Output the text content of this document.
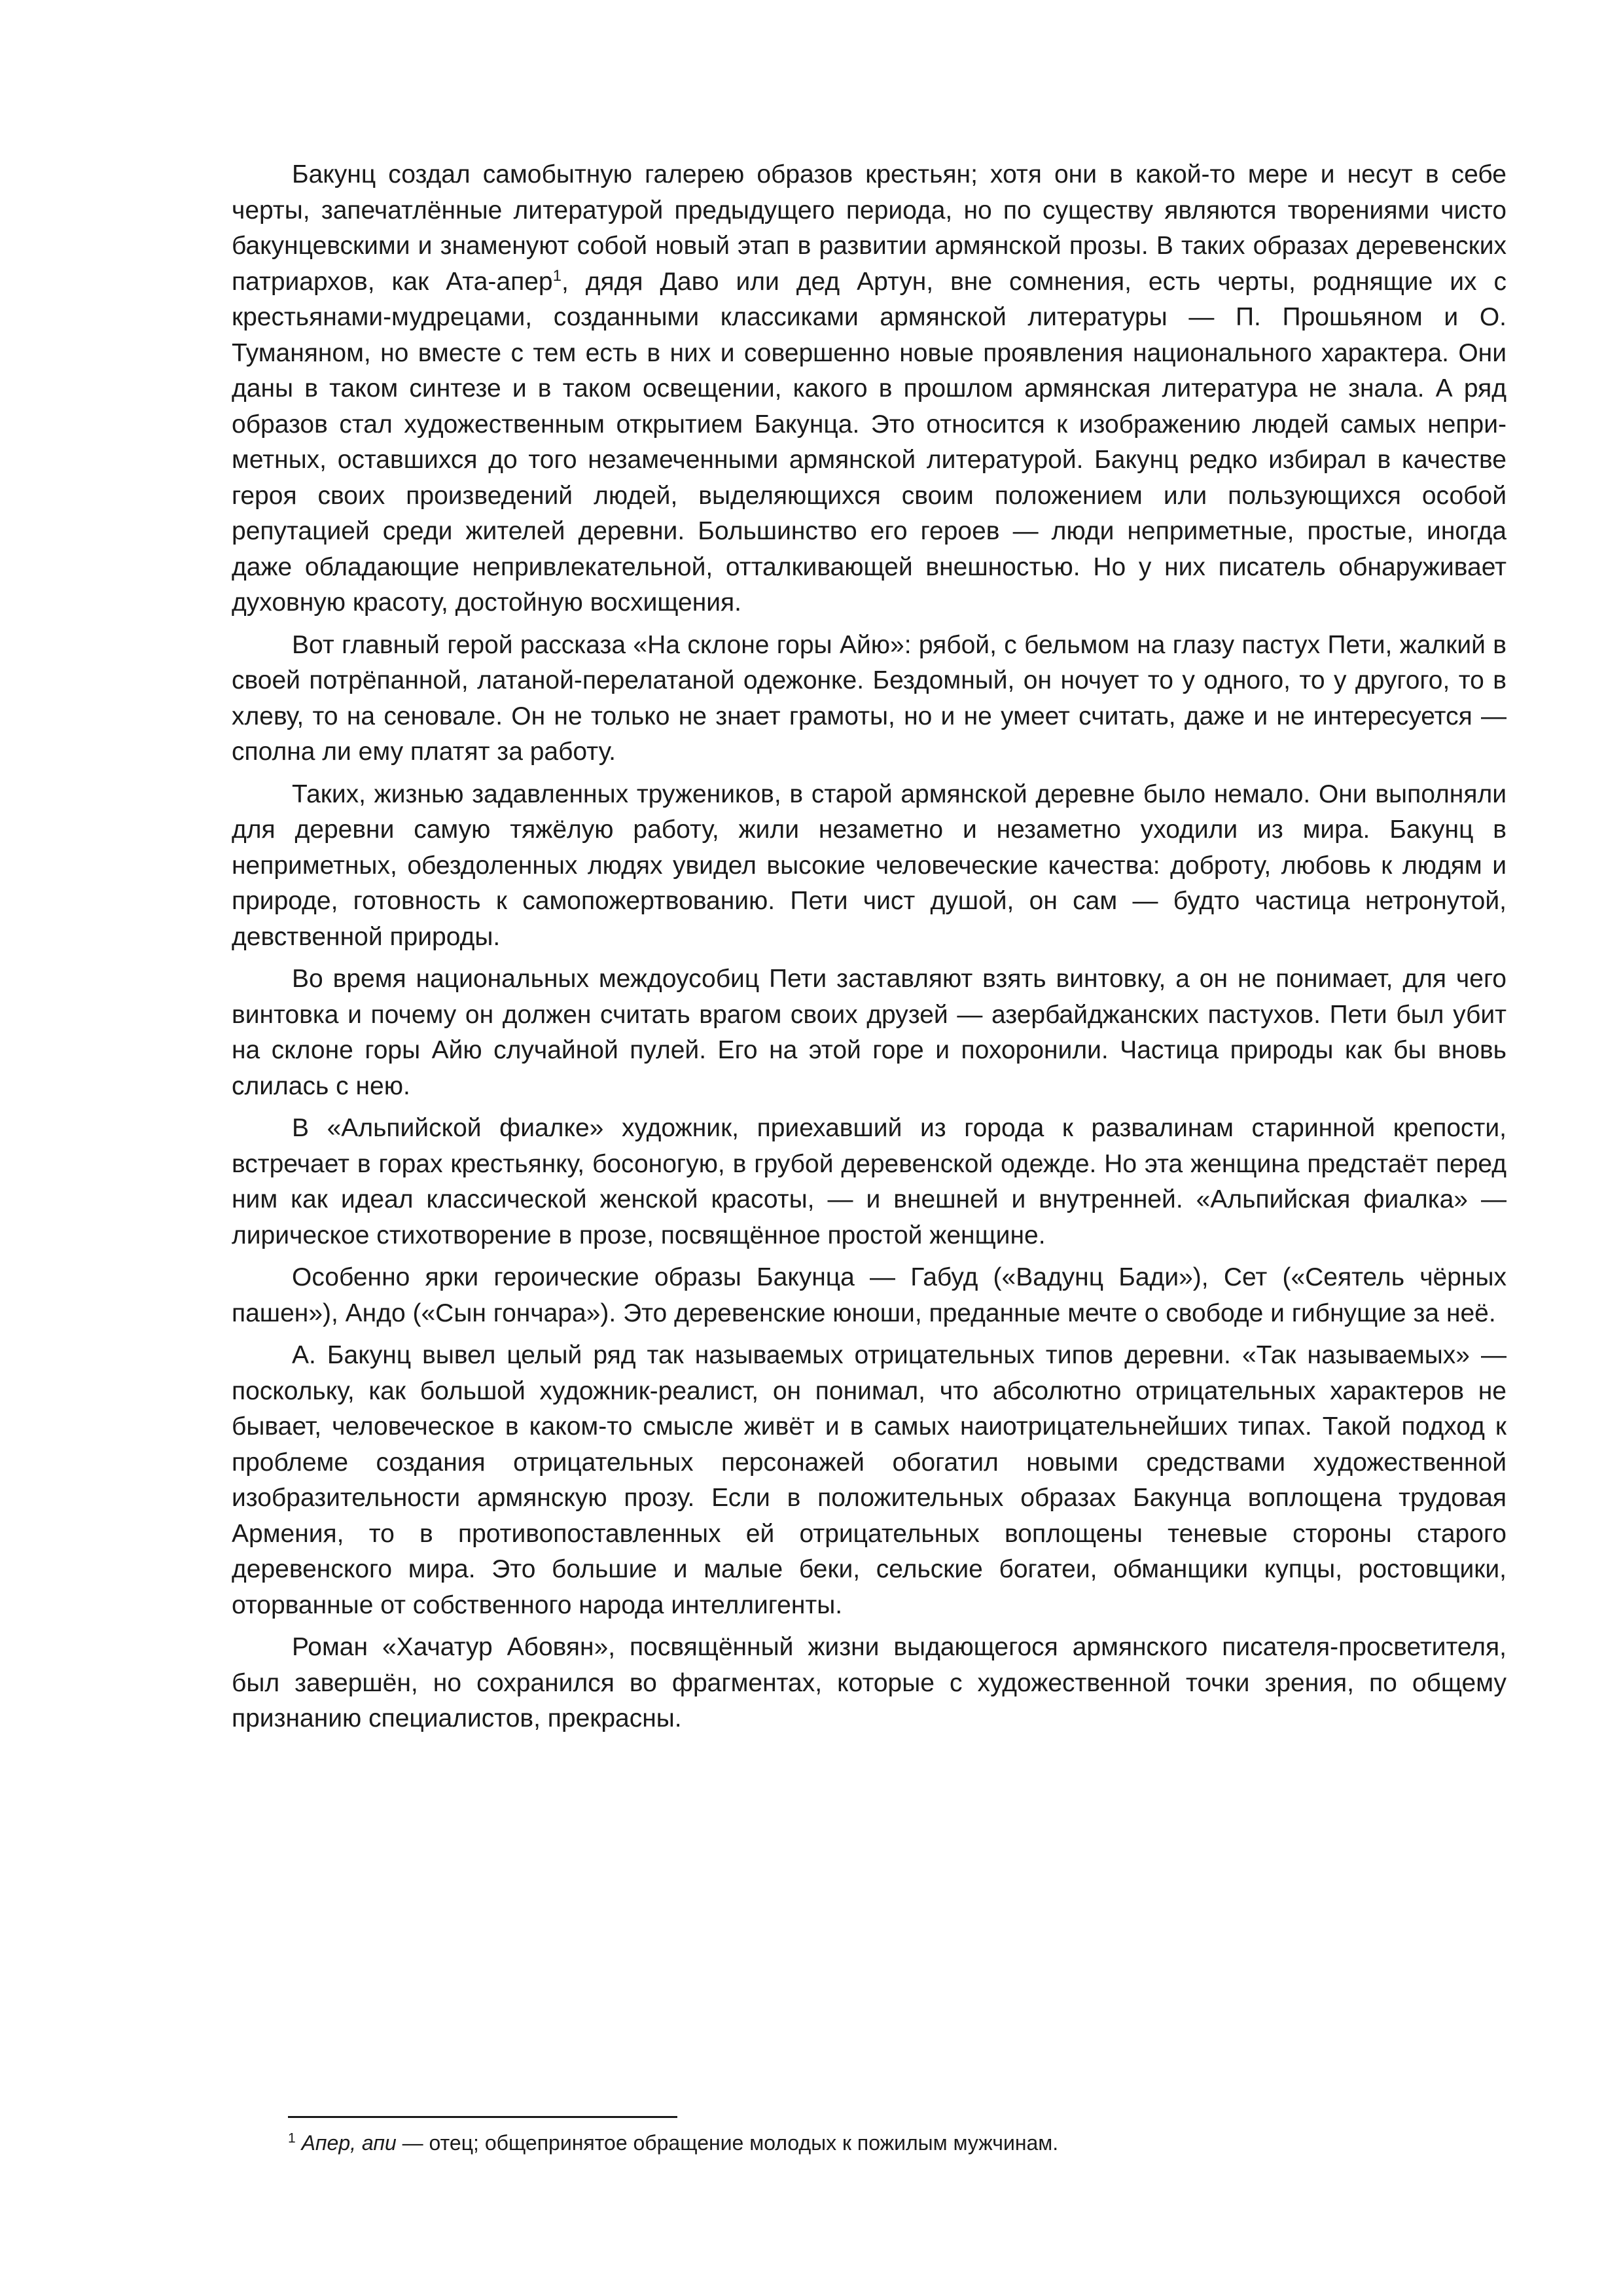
Бакунц создал самобытную галерею образов крестьян; хотя они в какой-то мере и несут в себе черты, запечатлённые литературой предыдущего периода, но по существу являются творениями чисто бакунцевскими и знаменуют собой новый этап в развитии армянской прозы. В таких образах деревенских патриархов, как Ата-апер$^1$, дядя Даво или дед Артун, вне сомнения, есть черты, роднящие их с крестьянами-мудрецами, созданными классиками армянской литературы — П. Прошьяном и О. Туманяном, но вместе с тем есть в них и совершенно новые проявления национального характера. Они даны в таком синтезе и в таком освещении, какого в прошлом армянская литература не знала. А ряд образов стал художественным открытием Бакунца. Это относится к изображению людей самых неприметных, оставшихся до того незамеченными армянской литературой. Бакунц редко избирал в качестве героя своих произведений людей, выделяющихся своим положением или пользующихся особой репутацией среди жителей деревни. Большинство его героев — люди неприметные, простые, иногда даже обладающие непривлекательной, отталкивающей внешностью. Но у них писатель обнаруживает духовную красоту, достойную восхищения.

Вот главный герой рассказа «На склоне горы Айю»: рябой, с бельмом на глазу пастух Пети, жалкий в своей потрёпанной, латаной-перелатаной одежонке. Бездомный, он ночует то у одного, то у другого, то в хлеву, то на сеновале. Он не только не знает грамоты, но и не умеет считать, даже и не интересуется — сполна ли ему платят за работу.

Таких, жизнью задавленных тружеников, в старой армянской деревне было немало. Они выполняли для деревни самую тяжёлую работу, жили незаметно и незаметно уходили из мира. Бакунц в неприметных, обездоленных людях увидел высокие человеческие качества: доброту, любовь к людям и природе, готовность к самопожертвованию. Пети чист душой, он сам — будто частица нетронутой, девственной природы.

Во время национальных междоусобиц Пети заставляют взять винтовку, а он не понимает, для чего винтовка и почему он должен считать врагом своих друзей — азербайджанских пастухов. Пети был убит на склоне горы Айю случайной пулей. Его на этой горе и похоронили. Частица природы как бы вновь слилась с нею.

В «Альпийской фиалке» художник, приехавший из города к развалинам старинной крепости, встречает в горах крестьянку, босоногую, в грубой деревенской одежде. Но эта женщина предстаёт перед ним как идеал классической женской красоты, — и внешней и внутренней. «Альпийская фиалка» — лирическое стихотворение в прозе, посвящённое простой женщине.

Особенно ярки героические образы Бакунца — Габуд («Вадунц Бади»), Сет («Сеятель чёрных пашен»), Андо («Сын гончара»). Это деревенские юноши, преданные мечте о свободе и гибнущие за неё.

А. Бакунц вывел целый ряд так называемых отрицательных типов деревни. «Так называемых» — поскольку, как большой художник-реалист, он понимал, что абсолютно отрицательных характеров не бывает, человеческое в каком-то смысле живёт и в самых наиотрицательнейших типах. Такой подход к проблеме создания отрицательных персонажей обогатил новыми средствами художественной изобразительности армянскую прозу. Если в положительных образах Бакунца воплощена трудовая Армения, то в противопоставленных ей отрицательных воплощены теневые стороны старого деревенского мира. Это большие и малые беки, сельские богатеи, обманщики купцы, ростовщики, оторванные от собственного народа интеллигенты.

Роман «Хачатур Абовян», посвящённый жизни выдающегося армянского писателя-просветителя, был завершён, но сохранился во фрагментах, которые с художественной точки зрения, по общему признанию специалистов, прекрасны.

$^1$ Апер, апи — отец; общепринятое обращение молодых к пожилым мужчинам.
